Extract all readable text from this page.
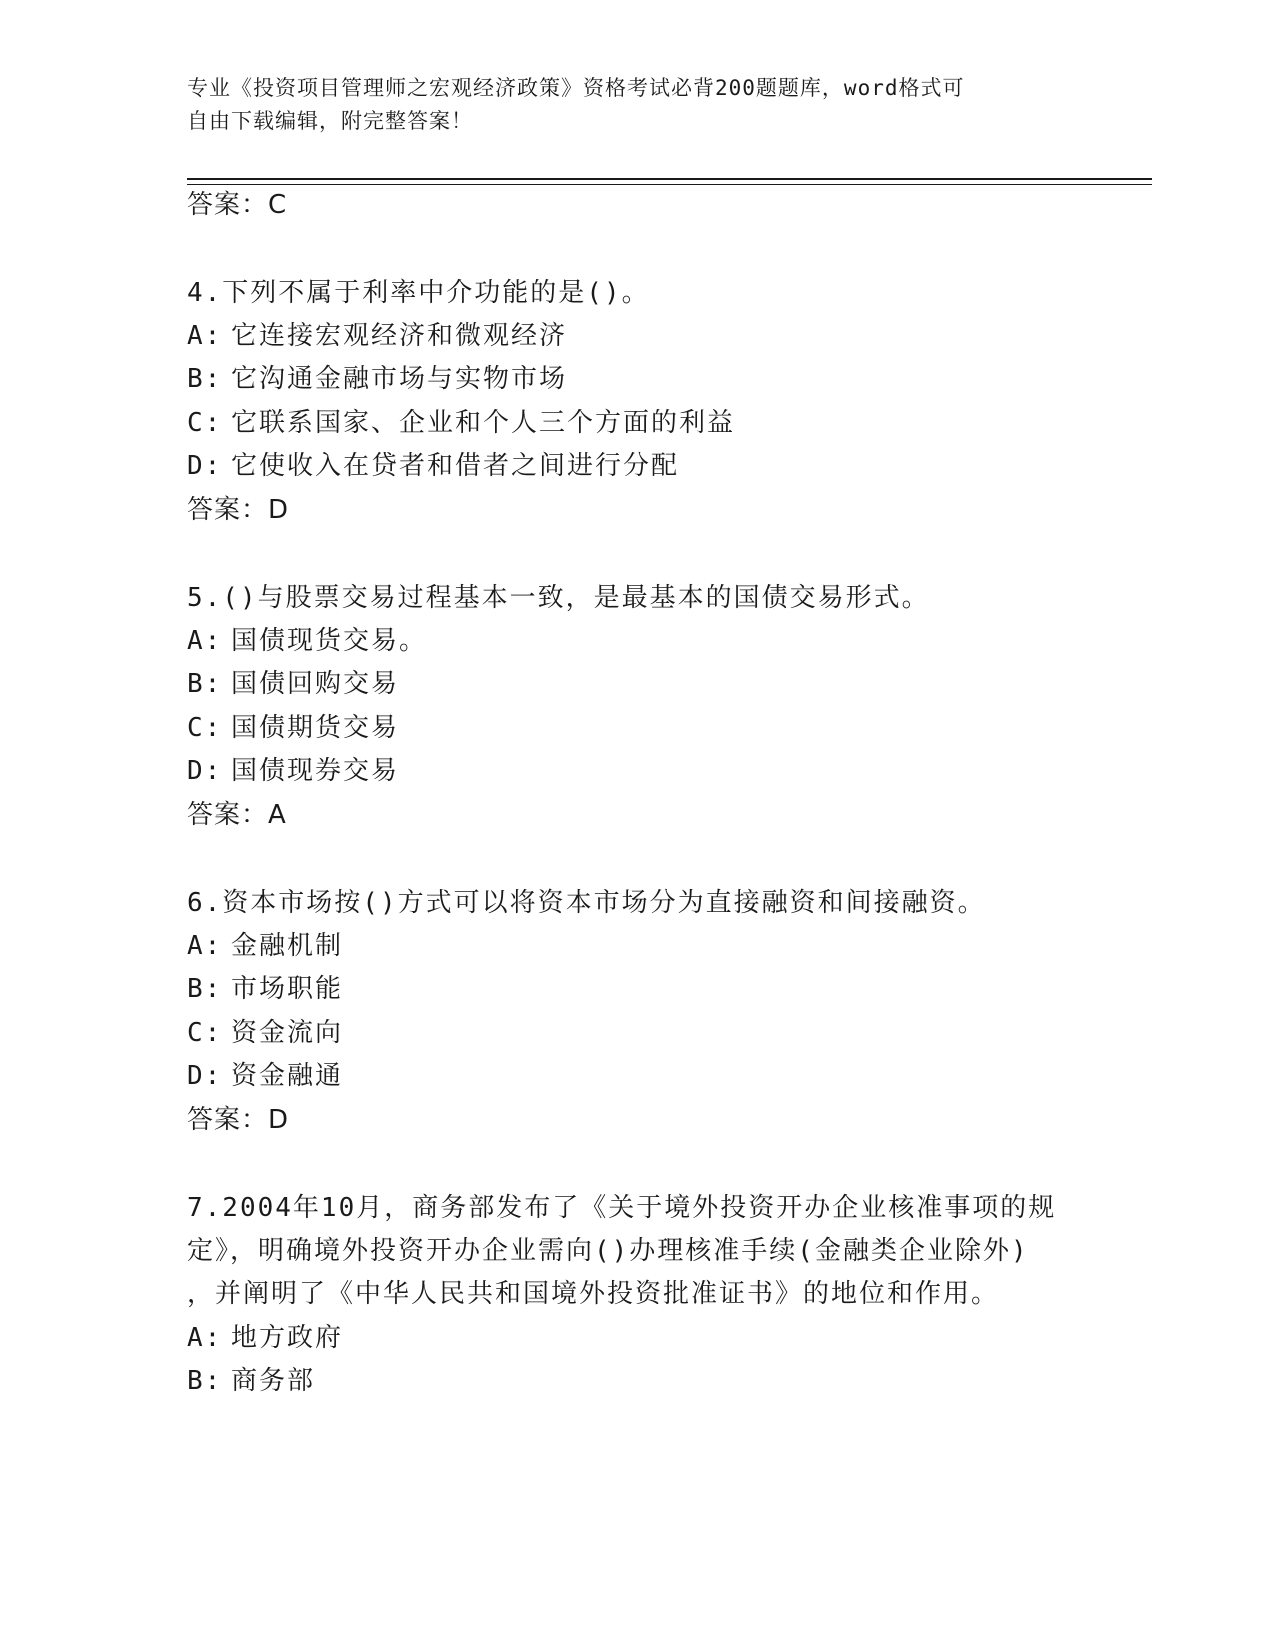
专业《投资项目管理师之宏观经济政策》资格考试必背200题题库，word格式可

自由下载编辑，附完整答案！

答案：C
4.下列不属于利率中介功能的是()。
A: 它连接宏观经济和微观经济
B: 它沟通金融市场与实物市场
C: 它联系国家、企业和个人三个方面的利益
D: 它使收入在贷者和借者之间进行分配
答案：D
5.()与股票交易过程基本一致，是最基本的国债交易形式。
A: 国债现货交易。
B: 国债回购交易
C: 国债期货交易
D: 国债现券交易
答案：A
6.资本市场按()方式可以将资本市场分为直接融资和间接融资。
A: 金融机制
B: 市场职能
C: 资金流向
D: 资金融通
答案：D
7.2004年10月，商务部发布了《关于境外投资开办企业核准事项的规
定》，明确境外投资开办企业需向()办理核准手续(金融类企业除外)
，并阐明了《中华人民共和国境外投资批准证书》的地位和作用。
A: 地方政府
B: 商务部
